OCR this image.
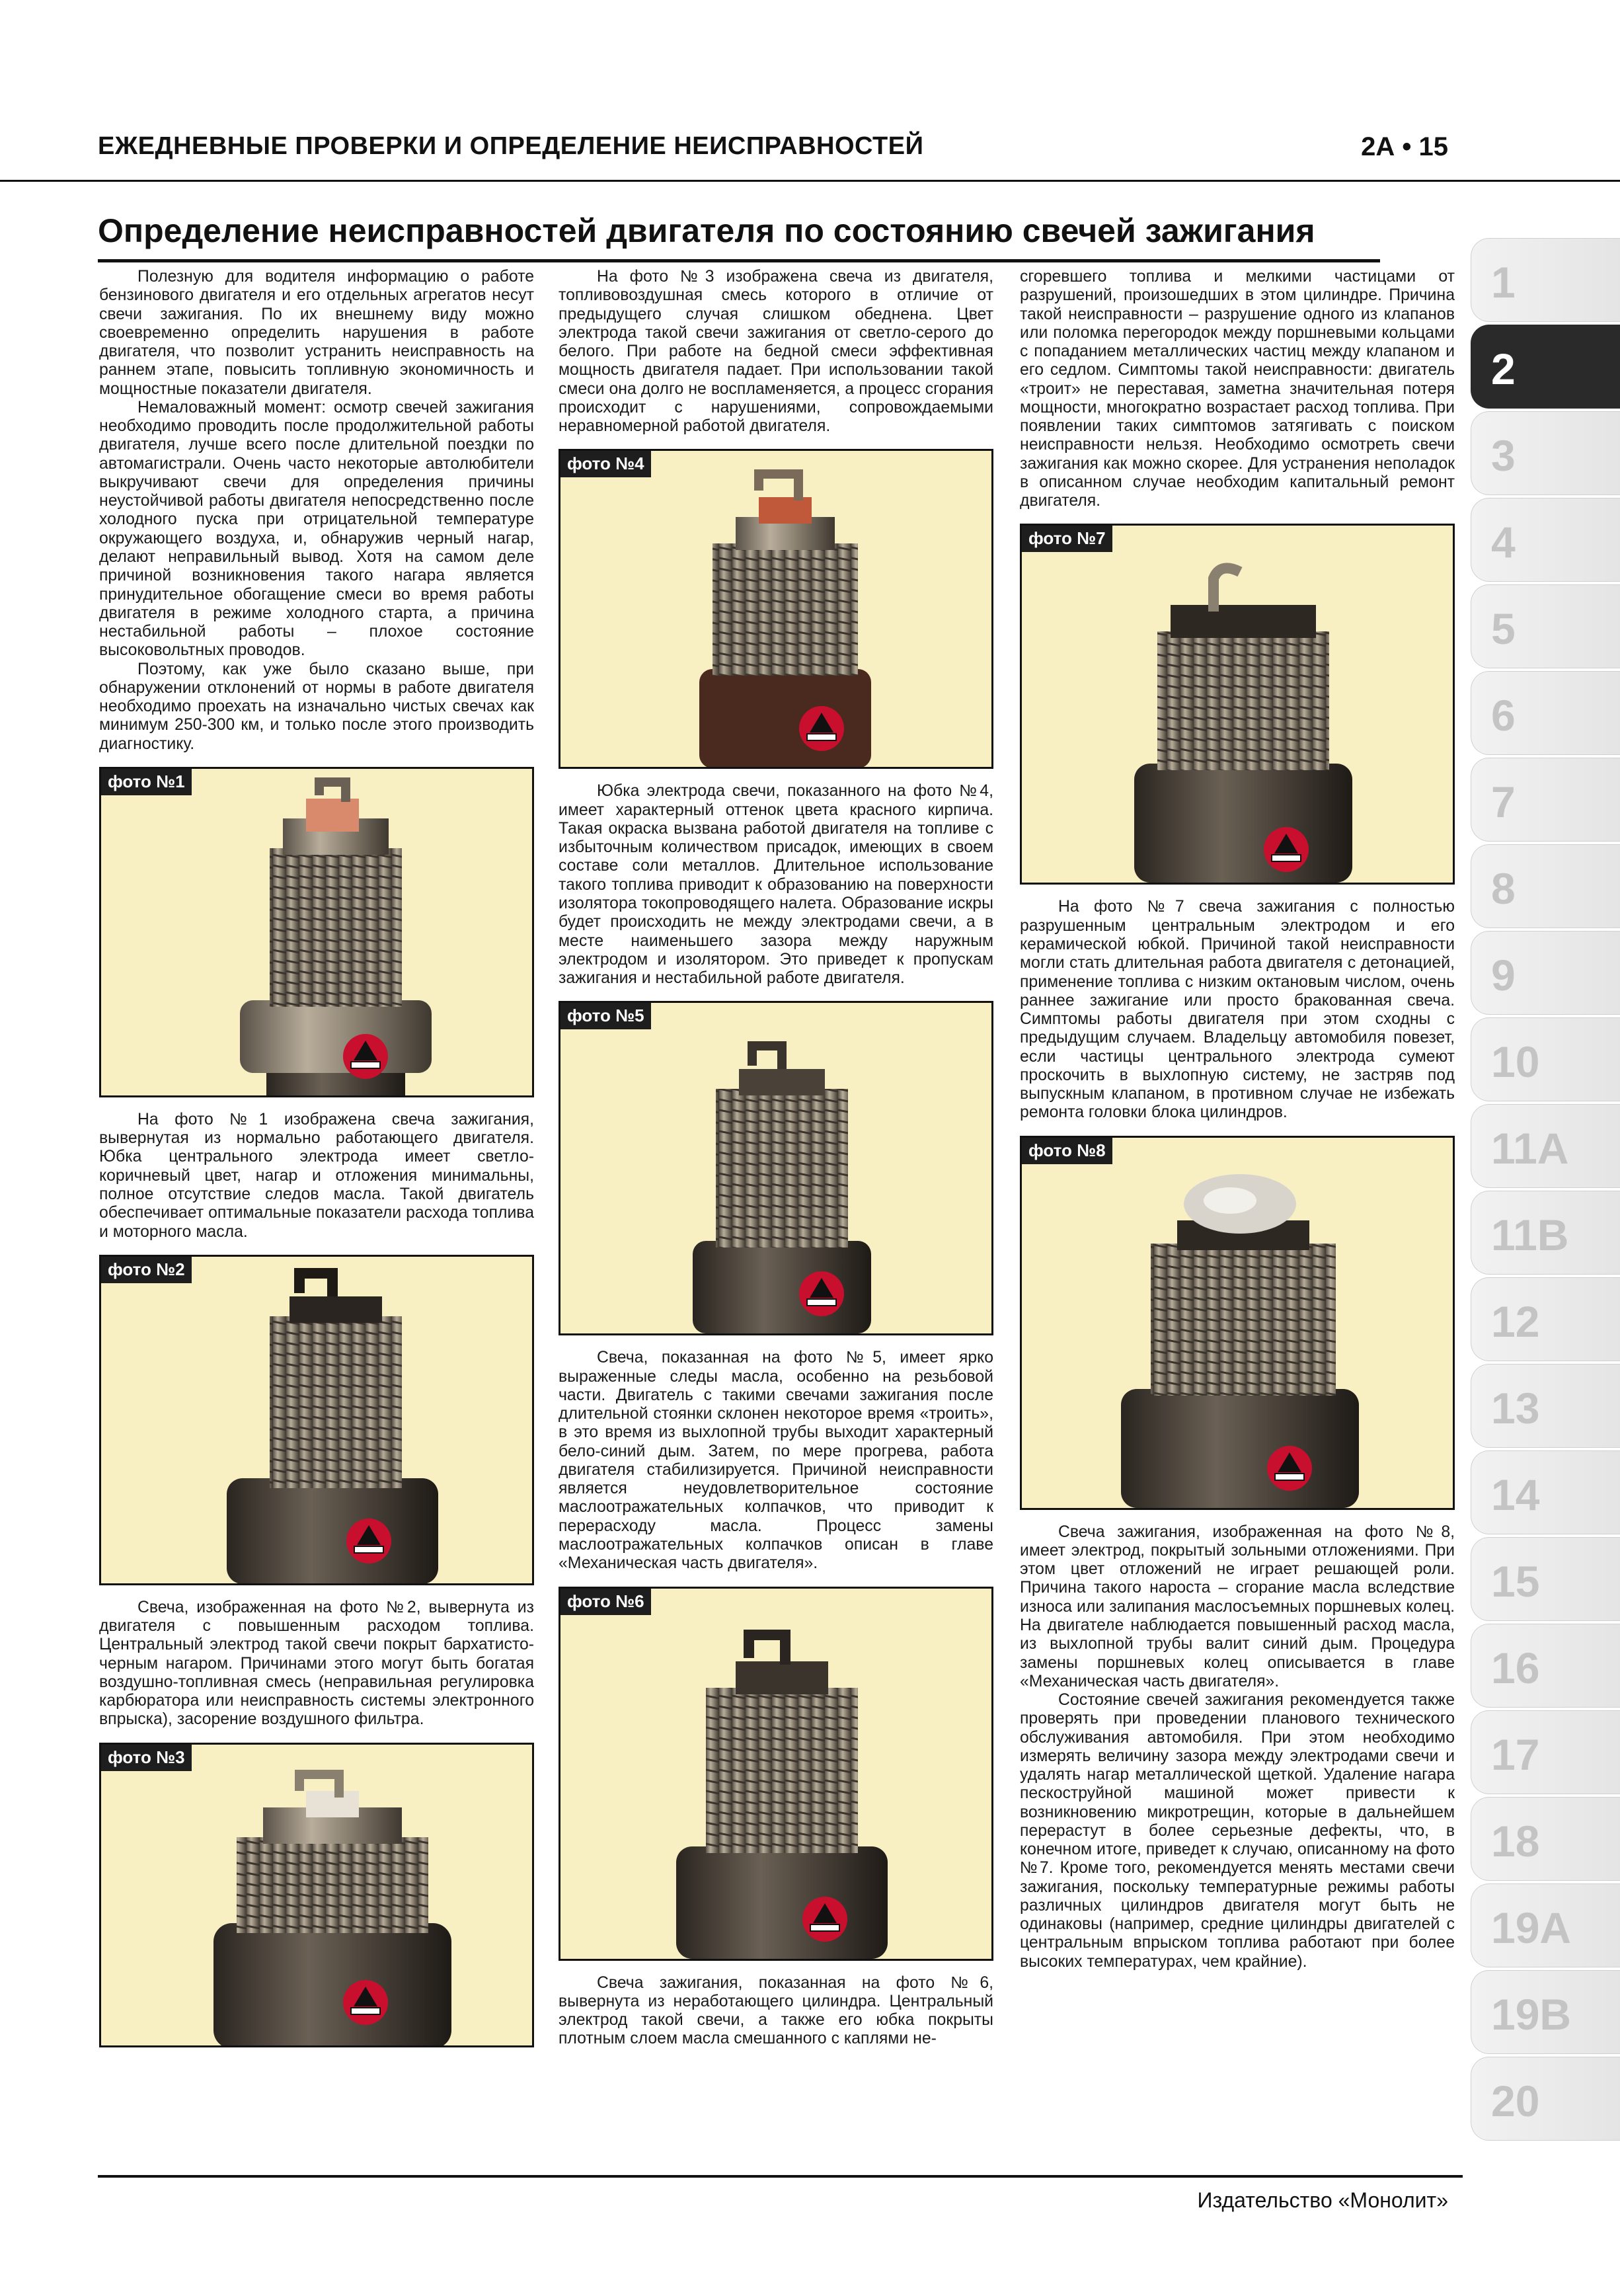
ЕЖЕДНЕВНЫЕ ПРОВЕРКИ И ОПРЕДЕЛЕНИЕ НЕИСПРАВНОСТЕЙ	2А • 15
Определение неисправностей двигателя по состоянию свечей зажигания

Полезную для водителя информацию о работе бензинового двигателя и его отдельных агрегатов несут свечи зажигания. По их внешнему виду можно своевременно определить нарушения в работе двигателя, что позволит устранить неисправность на раннем этапе, повысить топливную экономичность и мощностные показатели двигателя.

Немаловажный момент: осмотр свечей зажигания необходимо проводить после продолжительной работы двигателя, лучше всего после длительной поездки по автомагистрали. Очень часто некоторые автолюбители выкручивают свечи для определения причины неустойчивой работы двигателя непосредственно после холодного пуска при отрицательной температуре окружающего воздуха, и, обнаружив черный нагар, делают неправильный вывод. Хотя на самом деле причиной возникновения такого нагара является принудительное обогащение смеси во время работы двигателя в режиме холодного старта, а причина нестабильной работы – плохое состояние высоковольтных проводов.

Поэтому, как уже было сказано выше, при обнаружении отклонений от нормы в работе двигателя необходимо проехать на изначально чистых свечах как минимум 250-300 км, и только после этого производить диагностику.

фото №1

На фото №1 изображена свеча зажигания, вывернутая из нормально работающего двигателя. Юбка центрального электрода имеет светло-коричневый цвет, нагар и отложения минимальны, полное отсутствие следов масла. Такой двигатель обеспечивает оптимальные показатели расхода топлива и моторного масла.

фото №2

Свеча, изображенная на фото №2, вывернута из двигателя с повышенным расходом топлива. Центральный электрод такой свечи покрыт бархатисто-черным нагаром. Причинами этого могут быть богатая воздушно-топливная смесь (неправильная регулировка карбюратора или неисправность системы электронного впрыска), засорение воздушного фильтра.

фото №3

На фото №3 изображена свеча из двигателя, топливовоздушная смесь которого в отличие от предыдущего случая слишком обеднена. Цвет электрода такой свечи зажигания от светло-серого до белого. При работе на бедной смеси эффективная мощность двигателя падает. При использовании такой смеси она долго не воспламеняется, а процесс сгорания происходит с нарушениями, сопровождаемыми неравномерной работой двигателя.

фото №4

Юбка электрода свечи, показанного на фото №4, имеет характерный оттенок цвета красного кирпича. Такая окраска вызвана работой двигателя на топливе с избыточным количеством присадок, имеющих в своем составе соли металлов. Длительное использование такого топлива приводит к образованию на поверхности изолятора токопроводящего налета. Образование искры будет происходить не между электродами свечи, а в месте наименьшего зазора между наружным электродом и изолятором. Это приведет к пропускам зажигания и нестабильной работе двигателя.

фото №5

Свеча, показанная на фото №5, имеет ярко выраженные следы масла, особенно на резьбовой части. Двигатель с такими свечами зажигания после длительной стоянки склонен некоторое время «троить», в это время из выхлопной трубы выходит характерный бело-синий дым. Затем, по мере прогрева, работа двигателя стабилизируется. Причиной неисправности является неудовлетворительное состояние маслоотражательных колпачков, что приводит к перерасходу масла. Процесс замены маслоотражательных колпачков описан в главе «Механическая часть двигателя».

фото №6

Свеча зажигания, показанная на фото №6, вывернута из неработающего цилиндра. Центральный электрод такой свечи, а также его юбка покрыты плотным слоем масла смешанного с каплями не-

сгоревшего топлива и мелкими частицами от разрушений, произошедших в этом цилиндре. Причина такой неисправности – разрушение одного из клапанов или поломка перегородок между поршневыми кольцами с попаданием металлических частиц между клапаном и его седлом. Симптомы такой неисправности: двигатель «троит» не переставая, заметна значительная потеря мощности, многократно возрастает расход топлива. При появлении таких симптомов затягивать с поиском неисправности нельзя. Необходимо осмотреть свечи зажигания как можно скорее. Для устранения неполадок в описанном случае необходим капитальный ремонт двигателя.

фото №7

На фото №7 свеча зажигания с полностью разрушенным центральным электродом и его керамической юбкой. Причиной такой неисправности могли стать длительная работа двигателя с детонацией, применение топлива с низким октановым числом, очень раннее зажигание или просто бракованная свеча. Симптомы работы двигателя при этом сходны с предыдущим случаем. Владельцу автомобиля повезет, если частицы центрального электрода сумеют проскочить в выхлопную систему, не застряв под выпускным клапаном, в противном случае не избежать ремонта головки блока цилиндров.

фото №8

Свеча зажигания, изображенная на фото №8, имеет электрод, покрытый зольными отложениями. При этом цвет отложений не играет решающей роли. Причина такого нароста – сгорание масла вследствие износа или залипания маслосъемных поршневых колец. На двигателе наблюдается повышенный расход масла, из выхлопной трубы валит синий дым. Процедура замены поршневых колец описывается в главе «Механическая часть двигателя».

Состояние свечей зажигания рекомендуется также проверять при проведении планового технического обслуживания автомобиля. При этом необходимо измерять величину зазора между электродами свечи и удалять нагар металлической щеткой. Удаление нагара пескоструйной машиной может привести к возникновению микротрещин, которые в дальнейшем перерастут в более серьезные дефекты, что, в конечном итоге, приведет к случаю, описанному на фото №7. Кроме того, рекомендуется менять местами свечи зажигания, поскольку температурные режимы работы различных цилиндров двигателя могут быть не одинаковы (например, средние цилиндры двигателей с центральным впрыском топлива работают при более высоких температурах, чем крайние).

1
2
3
4
5
6
7
8
9
10
11A
11B
12
13
14
15
16
17
18
19A
19B
20
Издательство «Монолит»
